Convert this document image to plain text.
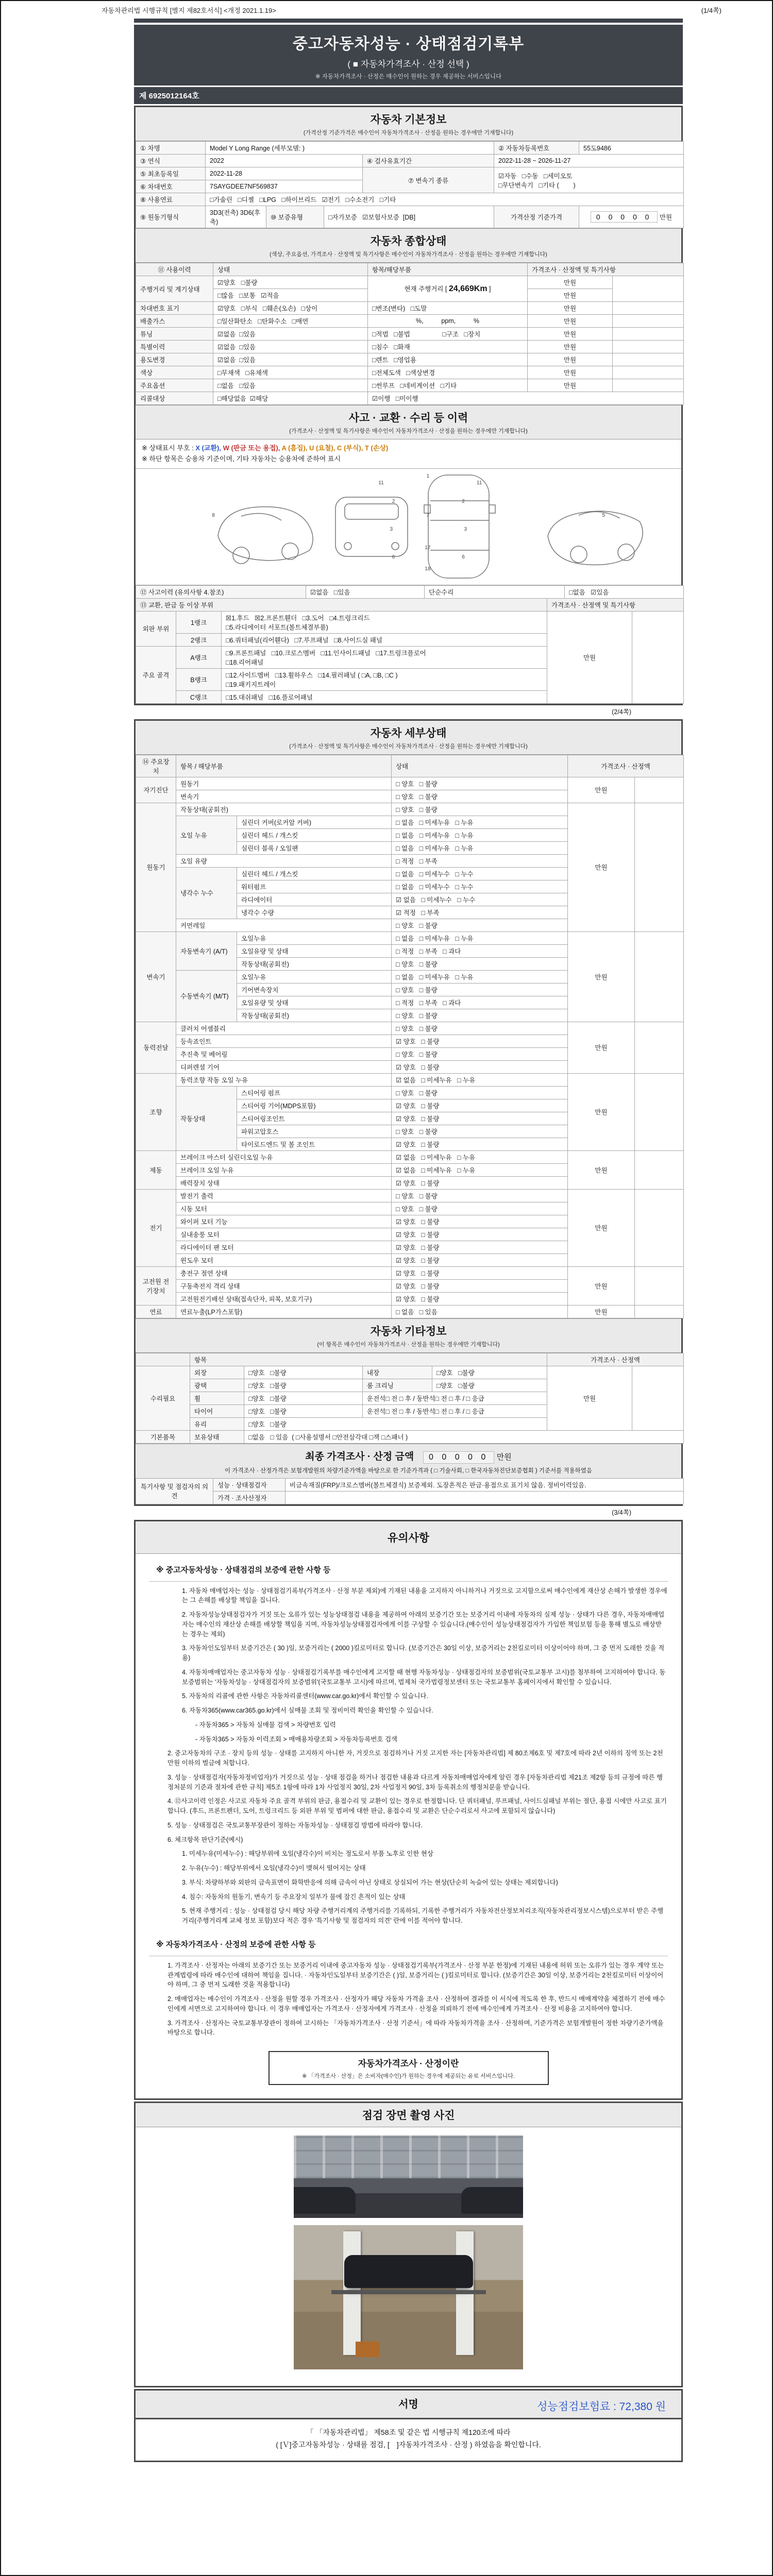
자동차관리법 시행규칙 [별지 제82호서식] <개정 2021.1.19>	(1/4쪽)
중고자동차성능 · 상태점검기록부
( ■ 자동차가격조사 · 산정 선택 )
※ 자동차가격조사 · 산정은 매수인이 원하는 경우 제공하는 서비스입니다
제 6925012164호
자동차 기본정보
(가격산정 기준가격은 매수인이 자동차가격조사 · 산정을 원하는 경우에만 기재합니다)
① 차명	Model Y Long Range (세부모델: )		② 자동차등록번호	55도9486
③ 연식	2022	④ 검사유효기간	2022-11-28 ~ 2026-11-27	
⑤ 최초등록일	2022-11-28	⑦ 변속기 종류	☑자동   □수동   □세미오토
□무단변속기   □기타 (        )	
⑥ 차대번호	7SAYGDEE7NF569837			
⑧ 사용연료	□가솔린   □디젤   □LPG   □하이브리드   ☑전기   □수소전기   □기타			
⑨ 원동기형식	3D3(전축) 3D6(후축)	⑩ 보증유형	□자가보증   ☑보험사보증  [DB]	가격산정 기준가격	0 0 0 0 0 만원
자동차 종합상태
(색상, 주요옵션, 가격조사 · 산정액 및 특기사항은 매수인이 자동차가격조사 · 산정을 원하는 경우에만 기재합니다)
⑪ 사용이력	상태	항목/해당부품	가격조사 · 산정액 및 특기사항	
주행거리 및 계기상태	☑양호   □불량	현재 주행거리 [ 24,669Km ]	만원	
	□많음   □보통   ☑적음		만원	
차대번호 표기	☑양호   □부식   □훼손(오손)   □상이	□변조(변타)   □도말	만원	
배출가스	□일산화탄소   □탄화수소   □매연	%,          ppm,          %	만원	
튜닝	☑없음  □있음	□적법   □불법                  □구조   □장치	만원	
특별이력	☑없음  □있음	□침수   □화재	만원	
용도변경	☑없음  □있음	□렌트   □영업용	만원	
색상	□무채색   □유채색	□전체도색   □색상변경	만원	
주요옵션	□없음   □있음	□썬루프   □네비게이션   □기타	만원	
리콜대상	□해당없음  ☑해당	☑이행   □미이행		
사고 · 교환 · 수리 등 이력
(가격조사 · 산정액 및 특기사항은 매수인이 자동차가격조사 · 산정을 원하는 경우에만 기재합니다)
※ 상태표시 부호 : X (교환), W (판금 또는 용접), A (흠집), U (요철), C (부식), T (손상)
※ 하단 항목은 승용차 기준이며, 기타 자동차는 승용차에 준하여 표시
11	11
1
7
17
18
2	2
3	3
6	6
8	5
⑫ 사고이력 (유의사항 4.참조)	☑없음   □있음	단순수리	□없음   ☑있음
⑬ 교환, 판금 등 이상 부위			가격조사 · 산정액 및 특기사항	
외판 부위	1랭크	☒1.후드   ☒2.프론트휀더   □3.도어   □4.트렁크리드
□5.라디에이터 서포트(볼트체결부품)	만원	
	2랭크	□6.쿼터패널(리어휀다)   □7.루프패널   □8.사이드실 패널		
주요 골격	A랭크	□9.프론트패널   □10.크로스멤버   □11.인사이드패널   □17.트렁크플로어
□18.리어패널		
	B랭크	□12.사이드멤버   □13.휠하우스   □14.필러패널 ( □A, □B, □C )
□19.패키지트레이		
	C랭크	□15.대쉬패널   □16.플로어패널		
(2/4쪽)
자동차 세부상태
(가격조사 · 산정액 및 특기사항은 매수인이 자동차가격조사 · 산정을 원하는 경우에만 기재합니다)
⑭ 주요장치	항목 / 해당부품		상태	가격조사 · 산정액	
자기진단	원동기		□ 양호   □ 불량	만원	
	변속기		□ 양호   □ 불량		
원동기	작동상태(공회전)		□ 양호   □ 불량	만원	
	오일 누유	실린더 커버(로커암 커버)	□ 없음   □ 미세누유   □ 누유		
		실린더 헤드 / 개스킷	□ 없음   □ 미세누유   □ 누유		
		실린더 블록 / 오일팬	□ 없음   □ 미세누유   □ 누유		
	오일 유량		□ 적정   □ 부족		
	냉각수 누수	실린더 헤드 / 개스킷	□ 없음   □ 미세누수   □ 누수		
		워터펌프	□ 없음   □ 미세누수   □ 누수		
		라디에이터	☑ 없음   □ 미세누수   □ 누수		
		냉각수 수량	☑ 적정   □ 부족		
	커먼레일		□ 양호   □ 불량		
변속기	자동변속기 (A/T)	오일누유	□ 없음   □ 미세누유   □ 누유	만원	
		오일유량 및 상태	□ 적정   □ 부족   □ 과다		
		작동상태(공회전)	□ 양호   □ 불량		
	수동변속기 (M/T)	오일누유	□ 없음   □ 미세누유   □ 누유		
		기어변속장치	□ 양호   □ 불량		
		오일유량 및 상태	□ 적정   □ 부족   □ 과다		
		작동상태(공회전)	□ 양호   □ 불량		
동력전달	클러치 어셈블리		□ 양호   □ 불량	만원	
	등속죠인트		☑ 양호   □ 불량		
	추진축 및 베어링		□ 양호   □ 불량		
	디퍼렌셜 기어		☑ 양호   □ 불량		
조향	동력조향 작동 오일 누유		☑ 없음   □ 미세누유   □ 누유	만원	
	작동상태	스티어링 펌프	□ 양호   □ 불량		
		스티어링 기어(MDPS포함)	☑ 양호   □ 불량		
		스티어링조인트	☑ 양호   □ 불량		
		파워고압호스	□ 양호   □ 불량		
		타이로드엔드 및 볼 조인트	☑ 양호   □ 불량		
제동	브레이크 마스터 실린더오일 누유		☑ 없음   □ 미세누유   □ 누유	만원	
	브레이크 오일 누유		☑ 없음   □ 미세누유   □ 누유		
	배력장치 상태		☑ 양호   □ 불량		
전기	발전기 출력		□ 양호   □ 불량	만원	
	시동 모터		□ 양호   □ 불량		
	와이퍼 모터 기능		☑ 양호   □ 불량		
	실내송풍 모터		☑ 양호   □ 불량		
	라디에이터 팬 모터		☑ 양호   □ 불량		
	윈도우 모터		☑ 양호   □ 불량		
고전원 전기장치	충전구 절연 상태		☑ 양호   □ 불량	만원	
	구동축전지 격리 상태		☑ 양호   □ 불량		
	고전원전기배선 상태(접속단자, 피복, 보호기구)		☑ 양호   □ 불량		
연료	연료누출(LP가스포함)		□ 없음   □ 있음	만원	
자동차 기타정보
(이 항목은 매수인이 자동차가격조사 · 산정을 원하는 경우에만 기재합니다)
	항목				가격조사 · 산정액	
수리필요	외장	□양호   □불량	내장	□양호   □불량	만원	
	광택	□양호   □불량	룸 크리닝	□양호   □불량		
	휠	□양호   □불량	운전석□ 전 □ 후 / 동반석□ 전 □ 후 / □ 응급			
	타이어	□양호   □불량	운전석□ 전 □ 후 / 동반석□ 전 □ 후 / □ 응급			
	유리	□양호   □불량				
기본품목	보유상태	□없음   □ 있음  ( □사용설명서 □안전삼각대 □잭 □스패너 )				
최종 가격조사 · 산정 금액 0 0 0 0 0 만원
이 가격조사 · 산정가격은 보험개발원의 차량기준가액을 바탕으로 한 기준가격과 ( □ 기술사회, □ 한국자동차진단보증협회 ) 기준서를 적용하였음
특기사항 및 점검자의 의견	성능 · 상태점검자	비금속재질(FRP)/크로스멤버(볼트체결식) 보증제외. 도장흔적은 판금·용접으로 표기치 않음. 정비이력있음.
	가격 · 조사산정자	
(3/4쪽)
유의사항
※ 중고자동차성능 · 상태점검의 보증에 관한 사항 등
1. 자동차 매매업자는 성능 · 상태점검기록부(가격조사 · 산정 부분 제외)에 기재된 내용을 고지하지 아니하거나 거짓으로 고지함으로써 매수인에게 재산상 손해가 발생한 경우에는 그 손해를 배상할 책임을 집니다.
2. 자동차성능상태점검자가 거짓 또는 오류가 있는 성능상태점검 내용을 제공하여 아래의 보증기간 또는 보증거리 이내에 자동차의 실제 성능 · 상태가 다른 경우, 자동차매매업자는 매수인의 재산상 손해를 배상할 책임을 지며, 자동차성능상태점검자에게 이를 구상할 수 있습니다.(매수인이 성능상태점검자가 가입한 책임보험 등을 통해 별도로 배상받는 경우는 제외)
3. 자동차인도일부터 보증기간은 ( 30 )일, 보증거리는 ( 2000 )킬로미터로 합니다. (보증기간은 30일 이상, 보증거리는 2천킬로미터 이상이어야 하며, 그 중 먼저 도래한 것을 적용)
4. 자동차매매업자는 중고자동차 성능 · 상태점검기록부를 매수인에게 고지할 때 현행 자동차성능 · 상태점검자의 보증범위(국토교통부 고시)를 첨부하여 고지하여야 합니다. 동 보증범위는 '자동차성능 · 상태점검자의 보증범위'(국토교통부 고시)에 따르며, 법제처 국가법령정보센터 또는 국토교통부 홈페이지에서 확인할 수 있습니다.
5. 자동차의 리콜에 관한 사항은 자동차리콜센터(www.car.go.kr)에서 확인할 수 있습니다.
6. 자동차365(www.car365.go.kr)에서 실매물 조회 및 정비이력 확인을 확인할 수 있습니다.
- 자동차365 > 자동차 실매물 검색 > 차량번호 입력
- 자동차365 > 자동차 이력조회 > 매매용차량조회 > 자동차등록번호 검색
2. 중고자동차의 구조 · 장치 등의 성능 · 상태를 고지하지 아니한 자, 거짓으로 점검하거나 거짓 고지한 자는 [자동차관리법] 제 80조제6호 및 제7호에 따라 2년 이하의 징역 또는 2천만원 이하의 벌금에 처합니다.
3. 성능 · 상태점검자(자동차정비업자)가 거짓으로 성능 · 상태 점검을 하거나 점검한 내용과 다르게 자동차매매업자에게 알린 경우 [자동차관리법 제21조 제2항 등의 규정에 따른 행정처분의 기준과 절차에 관한 규칙] 제5조 1항에 따라 1차 사업정지 30일, 2차 사업정지 90일, 3차 등록취소의 행정처분을 받습니다.
4. ⑫사고이력 인정은 사고로 자동차 주요 골격 부위의 판금, 용접수리 및 교환이 있는 경우로 한정합니다. 단 쿼터패널, 루프패널, 사이드실패널 부위는 절단, 용접 시에만 사고로 표기합니다. (후드, 프론트펜더, 도어, 트렁크리드 등 외판 부위 및 범퍼에 대한 판금, 용접수리 및 교환은 단순수리로서 사고에 포함되지 않습니다)
5. 성능 · 상태점검은 국토교통부장관이 정하는 자동차성능 · 상태점검 방법에 따라야 합니다.
6. 체크항목 판단기준(예시)
1. 미세누유(미세누수) : 해당부위에 오일(냉각수)이 비치는 정도로서 부품 노후로 인한 현상
2. 누유(누수) : 해당부위에서 오일(냉각수)이 맺혀서 떨어지는 상태
3. 부식: 차량하부와 외판의 금속표면이 화학반응에 의해 금속이 아닌 상태로 상실되어 가는 현상(단순히 녹슬어 있는 상태는 제외합니다)
4. 침수: 자동차의 원동기, 변속기 등 주요장치 일부가 물에 잠긴 흔적이 있는 상태
5. 현재 주행거리 : 성능 · 상태점검 당시 해당 차량 주행거리계의 주행거리를 기록하되, 기록한 주행거리가 자동차전산정보처리조직(자동차관리정보시스템)으로부터 받은 주행거리(주행거리계 교체 정보 포함)보다 적은 경우 '특기사항 및 점검자의 의견' 란에 이를 적어야 합니다.
※ 자동차가격조사 · 산정의 보증에 관한 사항 등
1. 가격조사 · 산정자는 아래의 보증기간 또는 보증거리 이내에 중고자동차 성능 · 상태점검기록부(가격조사 · 산정 부분 한정)에 기재된 내용에 허위 또는 오류가 있는 경우 계약 또는 관계법령에 따라 매수인에 대하여 책임을 집니다. · 자동차인도일부터 보증기간은 ( )일, 보증거리는 ( )킬로미터로 합니다. (보증기간은 30일 이상, 보증거리는 2천킬로미터 이상이어야 하며, 그 중 먼저 도래한 것을 적용합니다)
2. 매매업자는 매수인이 가격조사 · 산정을 원할 경우 가격조사 · 산정자가 해당 자동차 가격을 조사 · 산정하여 결과를 이 서식에 적도록 한 후, 반드시 매매계약을 체결하기 전에 매수인에게 서면으로 고지하여야 합니다. 이 경우 매매업자는 가격조사 · 산정자에게 가격조사 · 산정을 의뢰하기 전에 매수인에게 가격조사 · 산정 비용을 고지하여야 합니다.
3. 가격조사 · 산정자는 국토교통부장관이 정하여 고시하는 「자동차가격조사 · 산정 기준서」에 따라 자동차가격을 조사 · 산정하며, 기준가격은 보험개발원이 정한 차량기준가액을 바탕으로 합니다.
자동차가격조사 · 산정이란
※ 「가격조사 · 산정」은 소비자(매수인)가 원하는 경우에 제공되는 유료 서비스입니다.
점검 장면 촬영 사진
서명	성능점검보험료 : 72,380 원
「 「자동차관리법」 제58조 및 같은 법 시행규칙 제120조에 따라
( [Ｖ]중고자동차성능 · 상태를 점검, [　]자동차가격조사 · 산정 ) 하였음을 확인합니다.
